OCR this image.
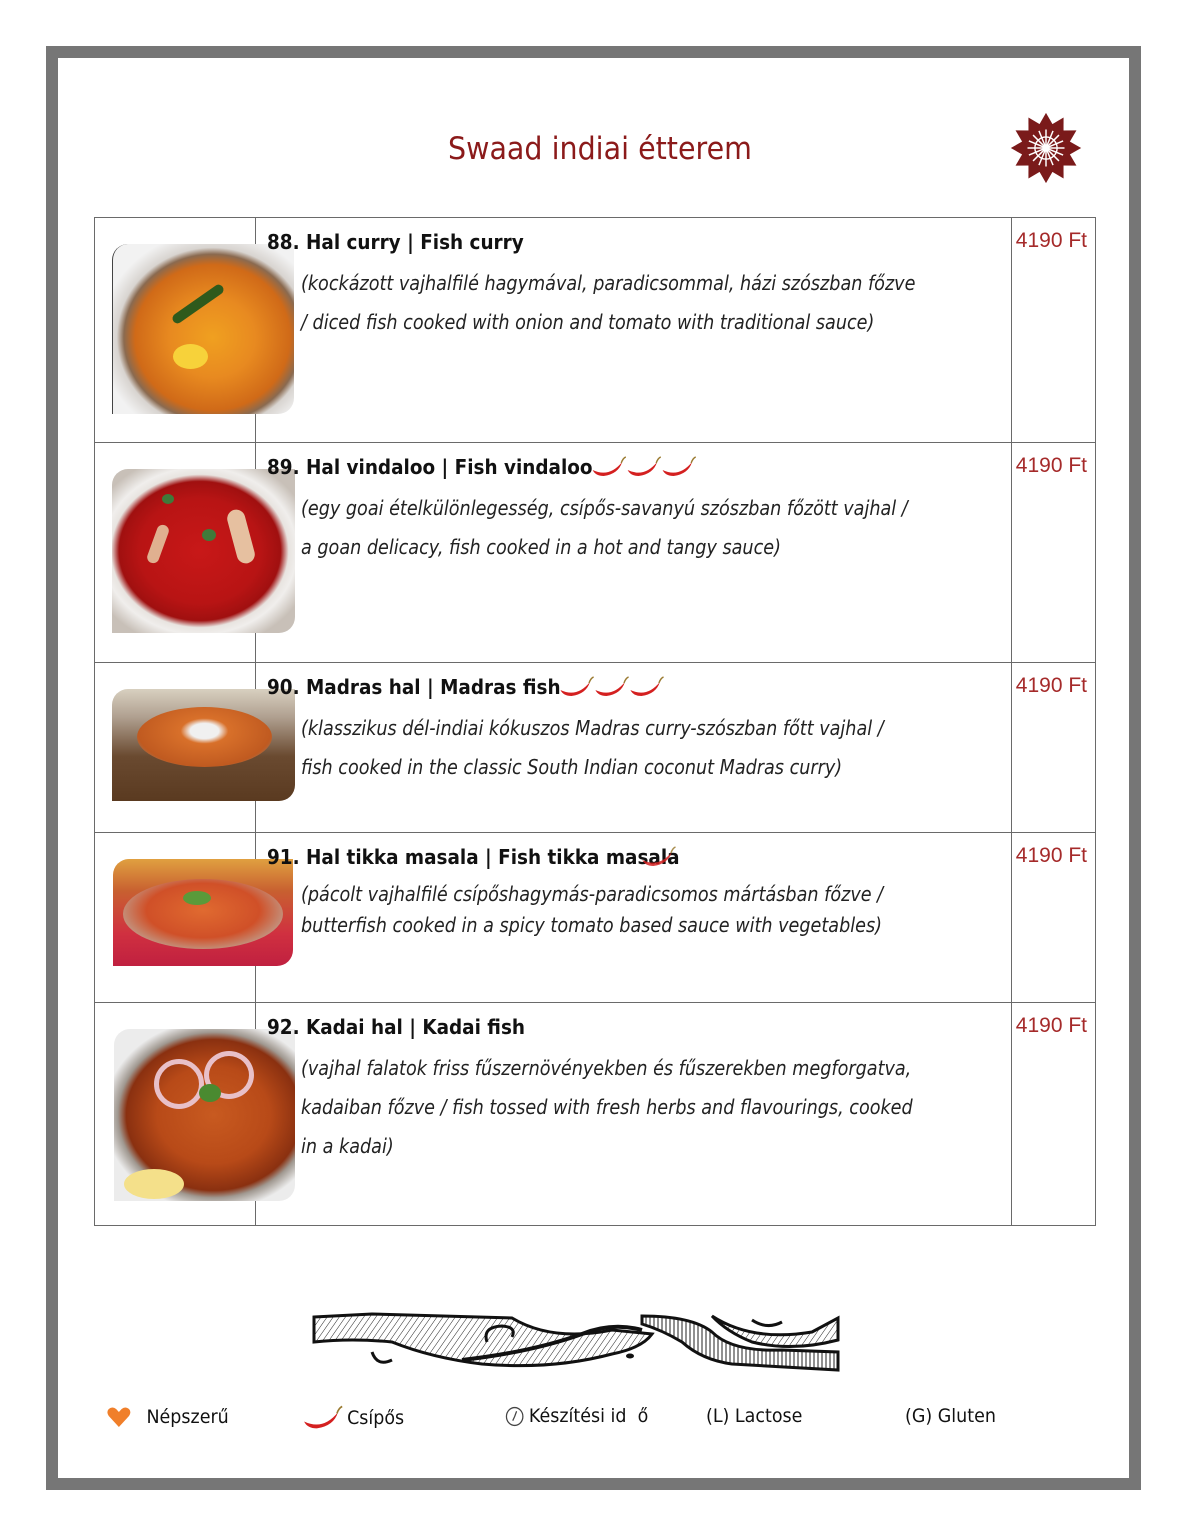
Swaad indiai étterem

88. Hal curry | Fish curry
(kockázott vajhalfilé hagymával, paradicsommal, házi szószban főzve / diced fish cooked with onion and tomato with traditional sauce)	4190 Ft

	89. Hal vindaloo | Fish vindaloo
(egy goai ételkülönlegesség, csípős-savanyú szószban főzött vajhal / a goan delicacy, fish cooked in a hot and tangy sauce)	4190 Ft

	90. Madras hal | Madras fish
(klasszikus dél-indiai kókuszos Madras curry-szószban főtt vajhal / fish cooked in the classic South Indian coconut Madras curry)	4190 Ft

	91. Hal tikka masala | Fish tikka masala
(pácolt vajhalfilé csípőshagymás-paradicsomos mártásban főzve / butterfish cooked in a spicy tomato based sauce with vegetables)	4190 Ft

92. Kadai hal | Kadai fish
(vajhal falatok friss fűszernövényekben és fűszerekben megforgatva, kadaiban főzve / fish tossed with fresh herbs and flavourings, cooked in a kadai)	4190 Ft
Népszerű	Csípős	Készítési id  ő	(L) Lactose	(G) Gluten
